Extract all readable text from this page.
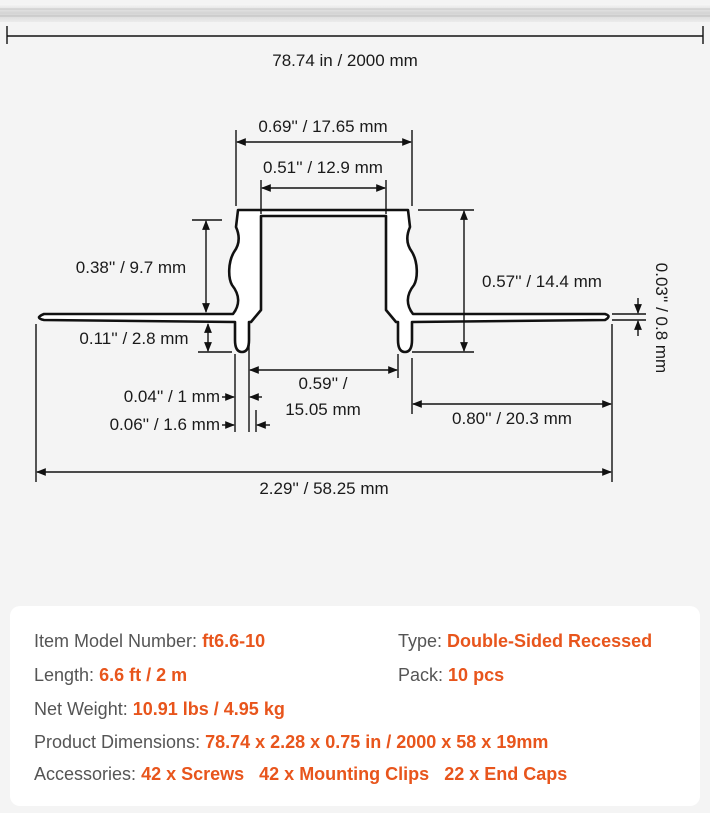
78.74 in / 2000 mm
0.69'' / 17.65 mm
0.51'' / 12.9 mm
0.38'' / 9.7 mm
0.57'' / 14.4 mm	0.03'' / 0.8 mm
0.11'' / 2.8 mm
0.04'' / 1 mm
0.06'' / 1.6 mm
0.59'' /
15.05 mm	0.80'' / 20.3 mm
2.29'' / 58.25 mm
Item Model Number: ft6.6-10	Type: Double-Sided Recessed
Length: 6.6 ft / 2 m	Pack: 10 pcs
Net Weight: 10.91 lbs / 4.95 kg
Product Dimensions: 78.74 x 2.28 x 0.75 in / 2000 x 58 x 19mm
Accessories: 42 x Screws 42 x Mounting Clips 22 x End Caps
